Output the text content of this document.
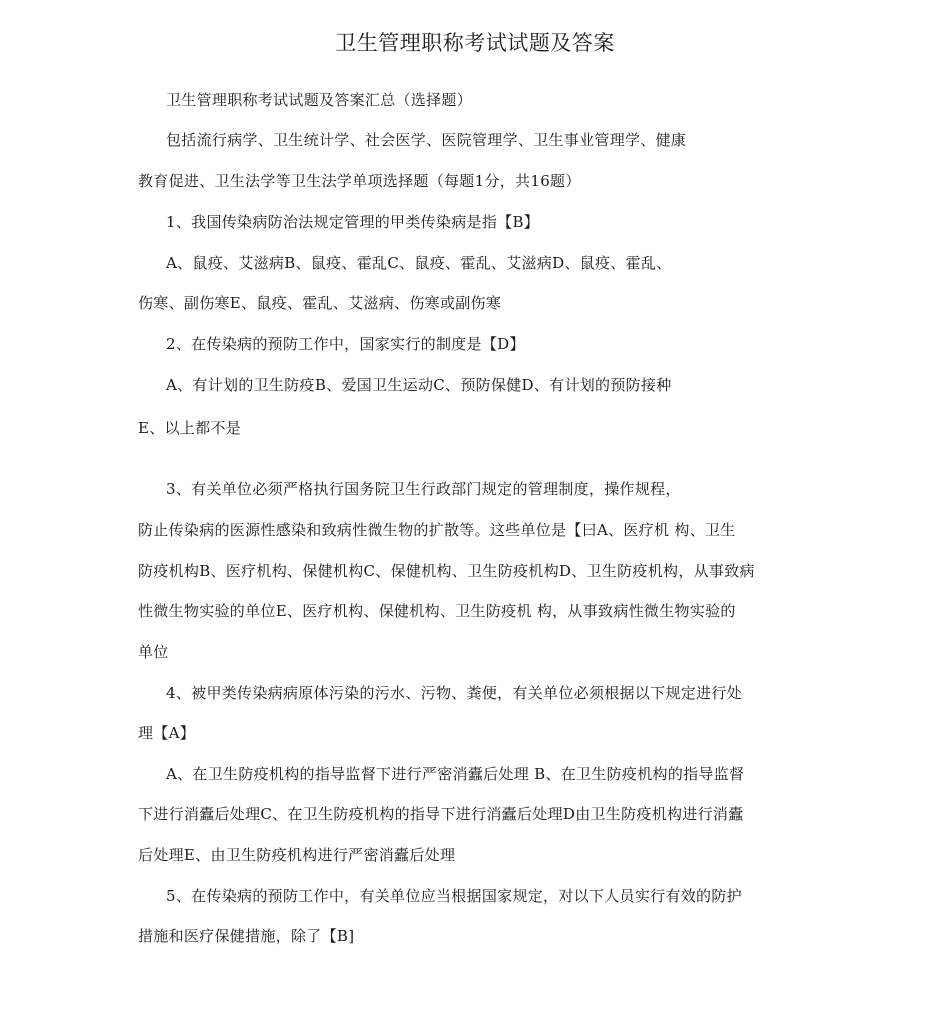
卫生管理职称考试试题及答案
卫生管理职称考试试题及答案汇总（选择题）
包括流行病学、卫生统计学、社会医学、医院管理学、卫生事业管理学、健康
教育促进、卫生法学等卫生法学单项选择题（每题1分，共16题）
1、我国传染病防治法规定管理的甲类传染病是指【B】
A、鼠疫、艾滋病B、鼠疫、霍乱C、鼠疫、霍乱、艾滋病D、鼠疫、霍乱、
伤寒、副伤寒E、鼠疫、霍乱、艾滋病、伤寒或副伤寒
2、在传染病的预防工作中，国家实行的制度是【D】
A、有计划的卫生防疫B、爱国卫生运动C、预防保健D、有计划的预防接种
E、以上都不是
3、有关单位必须严格执行国务院卫生行政部门规定的管理制度，操作规程，
防止传染病的医源性感染和致病性微生物的扩散等。这些单位是【曰A、医疗机 构、卫生
防疫机构B、医疗机构、保健机构C、保健机构、卫生防疫机构D、卫生防疫机构，从事致病
性微生物实验的单位E、医疗机构、保健机构、卫生防疫机 构，从事致病性微生物实验的
单位
4、被甲类传染病病原体污染的污水、污物、粪便，有关单位必须根据以下规定进行处
理【A】
A、在卫生防疫机构的指导监督下进行严密消蠹后处理 B、在卫生防疫机构的指导监督
下进行消蠹后处理C、在卫生防疫机构的指导下进行消蠹后处理D由卫生防疫机构进行消蠹
后处理E、由卫生防疫机构进行严密消蠹后处理
5、在传染病的预防工作中，有关单位应当根据国家规定，对以下人员实行有效的防护
措施和医疗保健措施，除了【B]
